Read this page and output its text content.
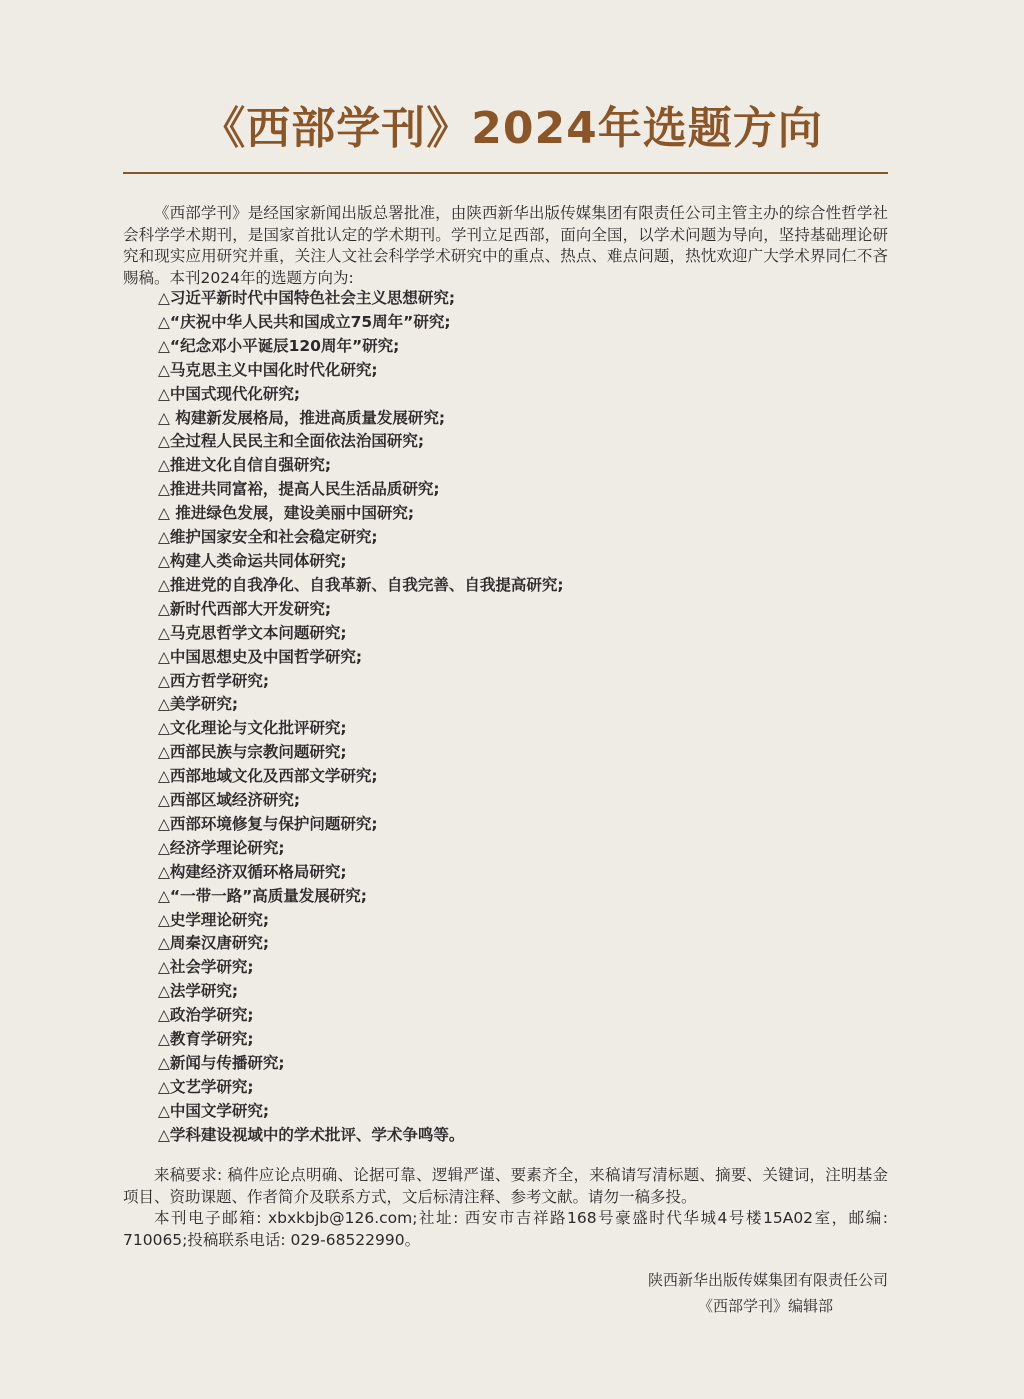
《西部学刊》2024年选题方向

《西部学刊》是经国家新闻出版总署批准，由陕西新华出版传媒集团有限责任公司主管主办的综合性哲学社会科学学术期刊，是国家首批认定的学术期刊。学刊立足西部，面向全国，以学术问题为导向，坚持基础理论研究和现实应用研究并重，关注人文社会科学学术研究中的重点、热点、难点问题，热忱欢迎广大学术界同仁不吝赐稿。本刊2024年的选题方向为:

△习近平新时代中国特色社会主义思想研究;
△“庆祝中华人民共和国成立75周年”研究;
△“纪念邓小平诞辰120周年”研究;
△马克思主义中国化时代化研究;
△中国式现代化研究;
△ 构建新发展格局，推进高质量发展研究;
△全过程人民民主和全面依法治国研究;
△推进文化自信自强研究;
△推进共同富裕，提高人民生活品质研究;
△ 推进绿色发展，建设美丽中国研究;
△维护国家安全和社会稳定研究;
△构建人类命运共同体研究;
△推进党的自我净化、自我革新、自我完善、自我提高研究;
△新时代西部大开发研究;
△马克思哲学文本问题研究;
△中国思想史及中国哲学研究;
△西方哲学研究;
△美学研究;
△文化理论与文化批评研究;
△西部民族与宗教问题研究;
△西部地域文化及西部文学研究;
△西部区域经济研究;
△西部环境修复与保护问题研究;
△经济学理论研究;
△构建经济双循环格局研究;
△“一带一路”高质量发展研究;
△史学理论研究;
△周秦汉唐研究;
△社会学研究;
△法学研究;
△政治学研究;
△教育学研究;
△新闻与传播研究;
△文艺学研究;
△中国文学研究;
△学科建设视域中的学术批评、学术争鸣等。

来稿要求: 稿件应论点明确、论据可靠、逻辑严谨、要素齐全，来稿请写清标题、摘要、关键词，注明基金项目、资助课题、作者简介及联系方式，文后标清注释、参考文献。请勿一稿多投。

本刊电子邮箱: xbxkbjb@126.com;社址: 西安市吉祥路168号豪盛时代华城4号楼15A02室，邮编: 710065;投稿联系电话: 029-68522990。

陕西新华出版传媒集团有限责任公司
《西部学刊》编辑部
